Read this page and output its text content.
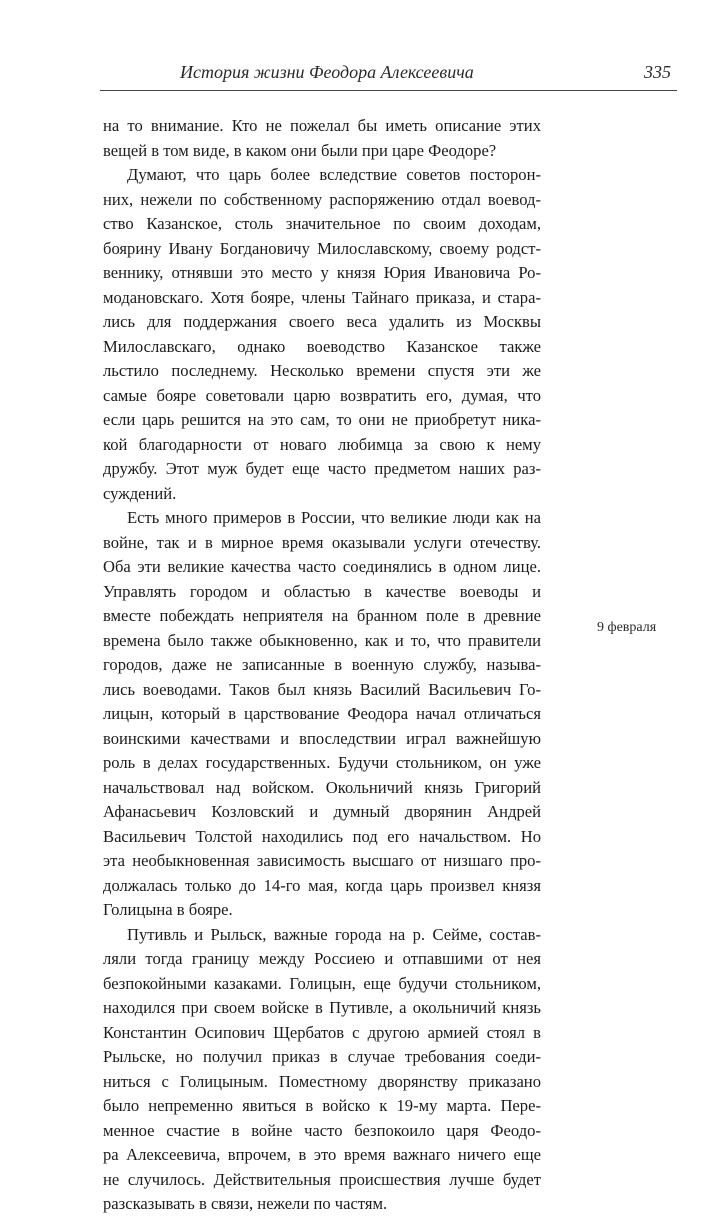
История жизни Феодора Алексеевича	335

на то внимание. Кто не пожелал бы иметь описание этих
вещей в том виде, в каком они были при царе Феодоре?

Думают, что царь более вследствие советов посторон-
них, нежели по собственному распоряжению отдал воевод-
ство Казанское, столь значительное по своим доходам,
боярину Ивану Богдановичу Милославскому, своему родст-
веннику, отнявши это место у князя Юрия Ивановича Ро-
модановскаго. Хотя бояре, члены Тайнаго приказа, и стара-
лись для поддержания своего веса удалить из Москвы
Милославскаго, однако воеводство Казанское также
льстило последнему. Несколько времени спустя эти же
самые бояре советовали царю возвратить его, думая, что
если царь решится на это сам, то они не приобретут ника-
кой благодарности от новаго любимца за свою к нему
дружбу. Этот муж будет еще часто предметом наших раз-
суждений.

Есть много примеров в России, что великие люди как на
войне, так и в мирное время оказывали услуги отечеству.
Оба эти великие качества часто соединялись в одном лице.
Управлять городом и областью в качестве воеводы и
вместе побеждать неприятеля на бранном поле в древние
времена было также обыкновенно, как и то, что правители
городов, даже не записанные в военную службу, называ-
лись воеводами. Таков был князь Василий Васильевич Го-
лицын, который в царствование Феодора начал отличаться
воинскими качествами и впоследствии играл важнейшую
роль в делах государственных. Будучи стольником, он уже
начальствовал над войском. Окольничий князь Григорий
Афанасьевич Козловский и думный дворянин Андрей
Васильевич Толстой находились под его начальством. Но
эта необыкновенная зависимость высшаго от низшаго про-
должалась только до 14-го мая, когда царь произвел князя
Голицына в бояре.

Путивль и Рыльск, важные города на р. Сейме, состав-
ляли тогда границу между Россиею и отпавшими от нея
безпокойными казаками. Голицын, еще будучи стольником,
находился при своем войске в Путивле, а окольничий князь
Константин Осипович Щербатов с другою армией стоял в
Рыльске, но получил приказ в случае требования соеди-
ниться с Голицыным. Поместному дворянству приказано
было непременно явиться в войско к 19-му марта. Пере-
менное счастие в войне часто безпокоило царя Феодо-
ра Алексеевича, впрочем, в это время важнаго ничего еще
не случилось. Действительныя происшествия лучше будет
разсказывать в связи, нежели по частям.

9 февраля
